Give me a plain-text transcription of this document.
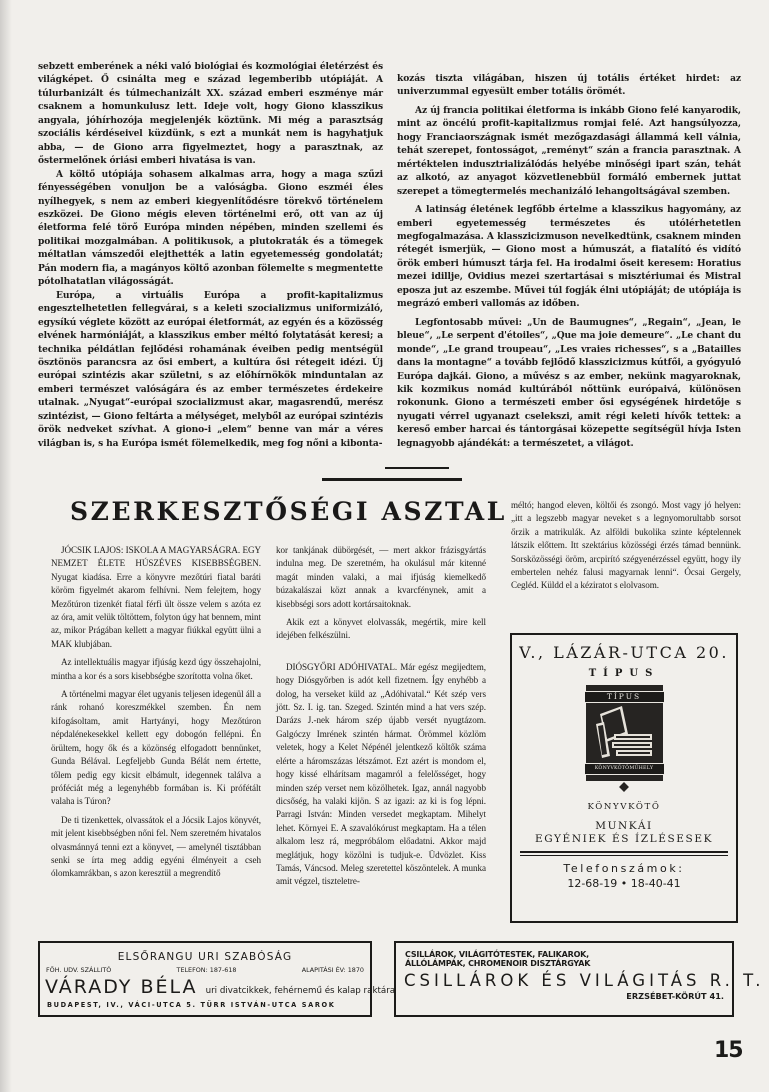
sebzett emberének a néki való biológiai és kozmológiai életérzést és világképet. Ő csinálta meg e század legemberibb utópiáját. A túlurbanizált és túlmechanizált XX. század emberi eszménye már csaknem a homunkulusz lett. Ideje volt, hogy Giono klasszikus angyala, jóhírhozója megjelenjék köztünk. Mi még a parasztság szociális kérdéseivel küzdünk, s ezt a munkát nem is hagyhatjuk abba, — de Giono arra figyelmeztet, hogy a parasztnak, az őstermelőnek óriási emberi hivatása is van.

A költő utópiája sohasem alkalmas arra, hogy a maga szűzi fényességében vonuljon be a valóságba. Giono eszméi éles nyílhegyek, s nem az emberi kiegyenlítődésre törekvő történelem eszközei. De Giono mégis eleven történelmi erő, ott van az új életforma felé törő Európa minden népében, minden szellemi és politikai mozgalmában. A politikusok, a plutokraták és a tömegek méltatlan vámszedői elejthették a latin egyetemesség gondolatát; Pán modern fia, a magányos költő azonban fölemelte s megmentette pótolhatatlan világosságát.

Európa, a virtuális Európa a profit-kapitalizmus engesztelhetetlen fellegvárai, s a keleti szocializmus uniformizáló, egysíkú véglete között az európai életformát, az egyén és a közösség elvének harmóniáját, a klasszikus ember méltó folytatását keresi; a technika példátlan fejlődési rohamának éveiben pedig mentségül ösztönös parancsra az ősi embert, a kultúra ősi rétegeit idézi. Új európai szintézis akar születni, s az előhírnökök minduntalan az emberi természet valóságára és az ember természetes érdekeire utalnak. „Nyugat“-európai szocializmust akar, magasrendű, merész szintézist, — Giono feltárta a mélységet, melyből az európai szintézis örök nedveket szívhat. A giono-i „elem“ benne van már a véres világban is, s ha Európa ismét fölemelkedik, meg fog nőni a kibonta-

kozás tiszta világában, hiszen új totális értéket hirdet: az univerzummal egyesült ember totális örömét.

Az új francia politikai életforma is inkább Giono felé kanyarodik, mint az öncélú profit-kapitalizmus romjai felé. Azt hangsúlyozza, hogy Franciaországnak ismét mezőgazdasági állammá kell válnia, tehát szerepet, fontosságot, „reményt“ szán a francia parasztnak. A mértéktelen indusztrializálódás helyébe minőségi ipart szán, tehát az alkotó, az anyagot közvetlenebbül formáló embernek juttat szerepet a tömegtermelés mechanizáló lehangoltságával szemben.

A latinság életének legfőbb értelme a klasszikus hagyomány, az emberi egyetemesség természetes és utólérhetetlen megfogalmazása. A klasszicizmuson nevelkedtünk, csaknem minden rétegét ismerjük, — Giono most a húmuszát, a fiatalító és vidító örök emberi húmuszt tárja fel. Ha irodalmi őseit keresem: Horatius mezei idillje, Ovidius mezei szertartásai s misztériumai és Mistral eposza jut az eszembe. Művei túl fogják élni utópiáját; de utópiája is megrázó emberi vallomás az időben.

Legfontosabb művei: „Un de Baumugnes“, „Regain“, „Jean, le bleue“, „Le serpent d'étoiles“, „Que ma joie demeure“. „Le chant du monde“, „Le grand troupeau“, „Les vraies richesses“, s a „Batailles dans la montagne“ a tovább fejlődő klasszicizmus kútfői, a gyógyuló Európa dajkái. Giono, a művész s az ember, nekünk magyaroknak, kik kozmikus nomád kultúrából nőttünk európaivá, különösen rokonunk. Giono a természeti ember ősi egységének hirdetője s nyugati vérrel ugyanazt cselekszi, amit régi keleti hívők tettek: a kereső ember harcai és tántorgásai közepette segítségül hívja Isten legnagyobb ajándékát: a természetet, a világot.

SZERKESZTŐSÉGI ASZTAL

JÓCSIK LAJOS: ISKOLA A MAGYARSÁGRA. EGY NEMZET ÉLETE HÚSZÉVES KISEBBSÉGBEN. Nyugat kiadása. Erre a könyvre mezőtúri fiatal baráti köröm figyelmét akarom felhívni. Nem felejtem, hogy Mezőtúron tizenkét fiatal férfi ült össze velem s azóta ez az óra, amit velük töltöttem, folyton úgy hat bennem, mint az, mikor Prágában kellett a magyar fiúkkal együtt ülni a MAK klubjában.

Az intellektuális magyar ifjúság kezd úgy összehajolni, mintha a kor és a sors kisebbségbe szorította volna őket.

A történelmi magyar élet ugyanis teljesen idegenül áll a ránk rohanó koreszmékkel szemben. Én nem kifogásoltam, amit Hartyányi, hogy Mezőtúron népdalénekesekkel kellett egy dobogón fellépni. Én örültem, hogy ők és a közönség elfogadott bennünket, Gunda Bélával. Legfeljebb Gunda Bélát nem értette, tőlem pedig egy kicsit elbámult, idegennek találva a próféciát még a legenyhébb formában is. Ki prófétált valaha is Túron?

De ti tizenkettek, olvassátok el a Jócsik Lajos könyvét, mit jelent kisebbségben nőni fel. Nem szeretném hivatalos olvasmánnyá tenni ezt a könyvet, — amelynél tisztábban senki se írta meg addig egyéni élményeit a cseh ólomkamrákban, s azon keresztül a megrendítő

kor tankjának dübörgését, — mert akkor frázisgyártás indulna meg. De szeretném, ha okulásul már kitenné magát minden valaki, a mai ifjúság kiemelkedő búzakalászai közt annak a kvarcfénynek, amit a kisebbségi sors adott kortársaitoknak.

Akik ezt a könyvet elolvassák, megértik, mire kell idejében felkészülni.

DIÓSGYŐRI ADÓHIVATAL. Már egész megijedtem, hogy Diósgyőrben is adót kell fizetnem. Így enyhébb a dolog, ha verseket küld az „Adóhivatal.“ Két szép vers jött. Sz. I. ig. tan. Szeged. Szintén mind a hat vers szép. Darázs J.-nek három szép újabb versét nyugtázom. Galgóczy Imrének szintén hármat. Örömmel közlöm veletek, hogy a Kelet Népénél jelentkező költők száma elérte a háromszázas létszámot. Ezt azért is mondom el, hogy kissé elhárítsam magamról a felelősséget, hogy minden szép verset nem közölhetek. Igaz, annál nagyobb dicsőség, ha valaki kijön. S az igazi: az ki is fog lépni. Parragi István: Minden versedet megkaptam. Mihelyt lehet. Környei E. A szavalókórust megkaptam. Ha a télen alkalom lesz rá, megpróbálom előadatni. Akkor majd meglátjuk, hogy közölni is tudjuk-e. Üdvözlet. Kiss Tamás, Váncsod. Meleg szeretettel köszöntelek. A munka amit végzel, tiszteletre-

méltó; hangod eleven, költői és zsongó. Most vagy jó helyen: „itt a legszebb magyar neveket s a legnyomorultabb sorsot őrzik a matrikulák. Az alföldi bukolika szinte képtelennek látszik előttem. Itt szektárius közösségi érzés támad bennünk. Sorsközösségi öröm, arcpirító szégyenérzéssel együtt, hogy ily embertelen nehéz falusi magyarnak lenni“. Ócsai Gergely, Cegléd. Küldd el a kéziratot s elolvasom.

V., LÁZÁR-UTCA 20.
TÍPUS
TÍPUS
KÖNYVKÖTŐMŰHELY
KÖNYVKÖTŐ
MUNKÁI
EGYÉNIEK ÉS ÍZLÉSESEK
Telefonszámok:
12-68-19 • 18-40-41
ELSŐRANGU URI SZABÓSÁG
FŐH. UDV. SZÁLLITÓ	TELEFON: 187-618	ALAPITÁSI ÉV: 1870
VÁRADY BÉLA uri divatcikkek, fehérnemű és kalap raktára
BUDAPEST, IV., VÁCI-UTCA 5. TÜRR ISTVÁN-UTCA SAROK
CSILLÁROK, VILÁGITÓTESTEK, FALIKAROK,
ÁLLÓLÁMPÁK, CHROMENOIR DISZTÁRGYAK
CSILLÁROK ÉS VILÁGITÁS R. T.
ERZSÉBET-KÖRÚT 41.
15
